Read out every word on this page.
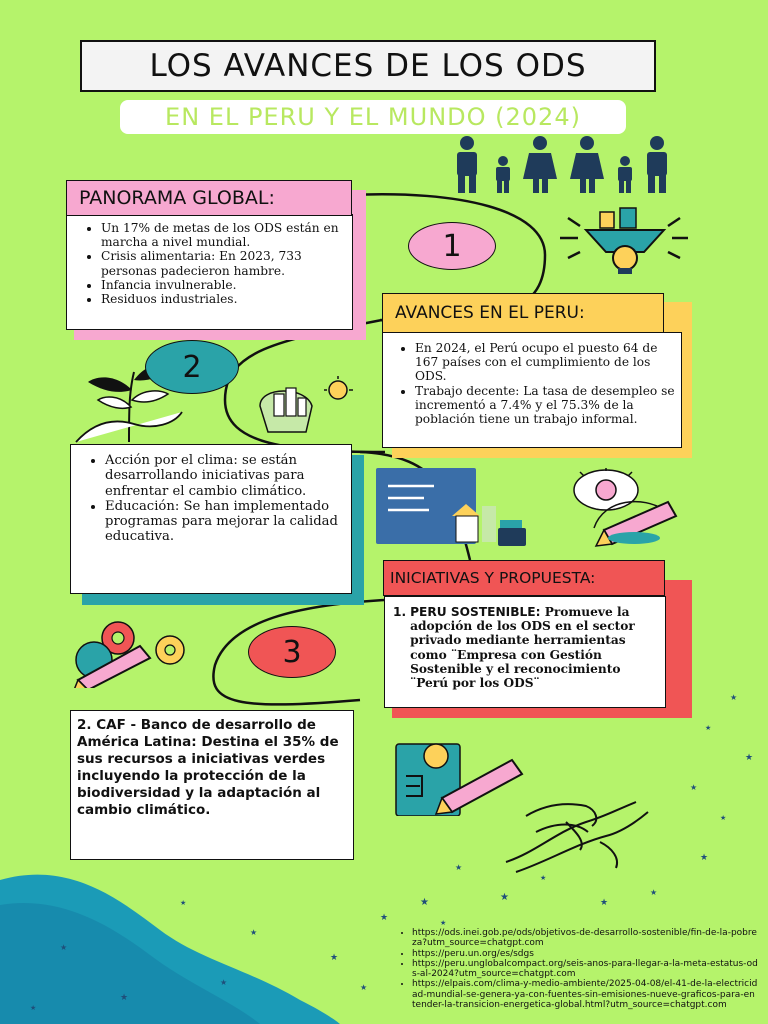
★
★
★
★
★
★
★
★
★
★
★
★
★	★
★
★
★
★
★
★
★
★
LOS AVANCES DE LOS ODS
EN EL PERU Y EL MUNDO (2024)
• Un 17% de metas de los ODS están en marcha a nivel mundial.
• Crisis alimentaria: En 2023, 733 personas padecieron hambre.
• Infancia invulnerable.
• Residuos industriales.
PANORAMA GLOBAL:
1
• En 2024, el Perú ocupo el puesto 64 de 167 países con el cumplimiento de los ODS.
• Trabajo decente: La tasa de desempleo se incrementó a 7.4% y el 75.3% de la población tiene un trabajo informal.
AVANCES EN EL PERU:
2
• Acción por el clima: se están desarrollando iniciativas para enfrentar el cambio climático.
• Educación: Se han implementado programas para mejorar la calidad educativa.
1. PERU SOSTENIBLE: Promueve la adopción de los ODS en el sector privado mediante herramientas como ¨Empresa con Gestión Sostenible y el reconocimiento ¨Perú por los ODS¨
INICIATIVAS Y PROPUESTA:
3
2. CAF - Banco de desarrollo de América Latina: Destina el 35% de sus recursos a iniciativas verdes incluyendo la protección de la biodiversidad y la adaptación al cambio climático.
• https://ods.inei.gob.pe/ods/objetivos-de-desarrollo-sostenible/fin-de-la-pobreza?utm_source=chatgpt.com
• https://peru.un.org/es/sdgs
• https://peru.unglobalcompact.org/seis-anos-para-llegar-a-la-meta-estatus-ods-al-2024?utm_source=chatgpt.com
• https://elpais.com/clima-y-medio-ambiente/2025-04-08/el-41-de-la-electricidad-mundial-se-genera-ya-con-fuentes-sin-emisiones-nueve-graficos-para-entender-la-transicion-energetica-global.html?utm_source=chatgpt.com
